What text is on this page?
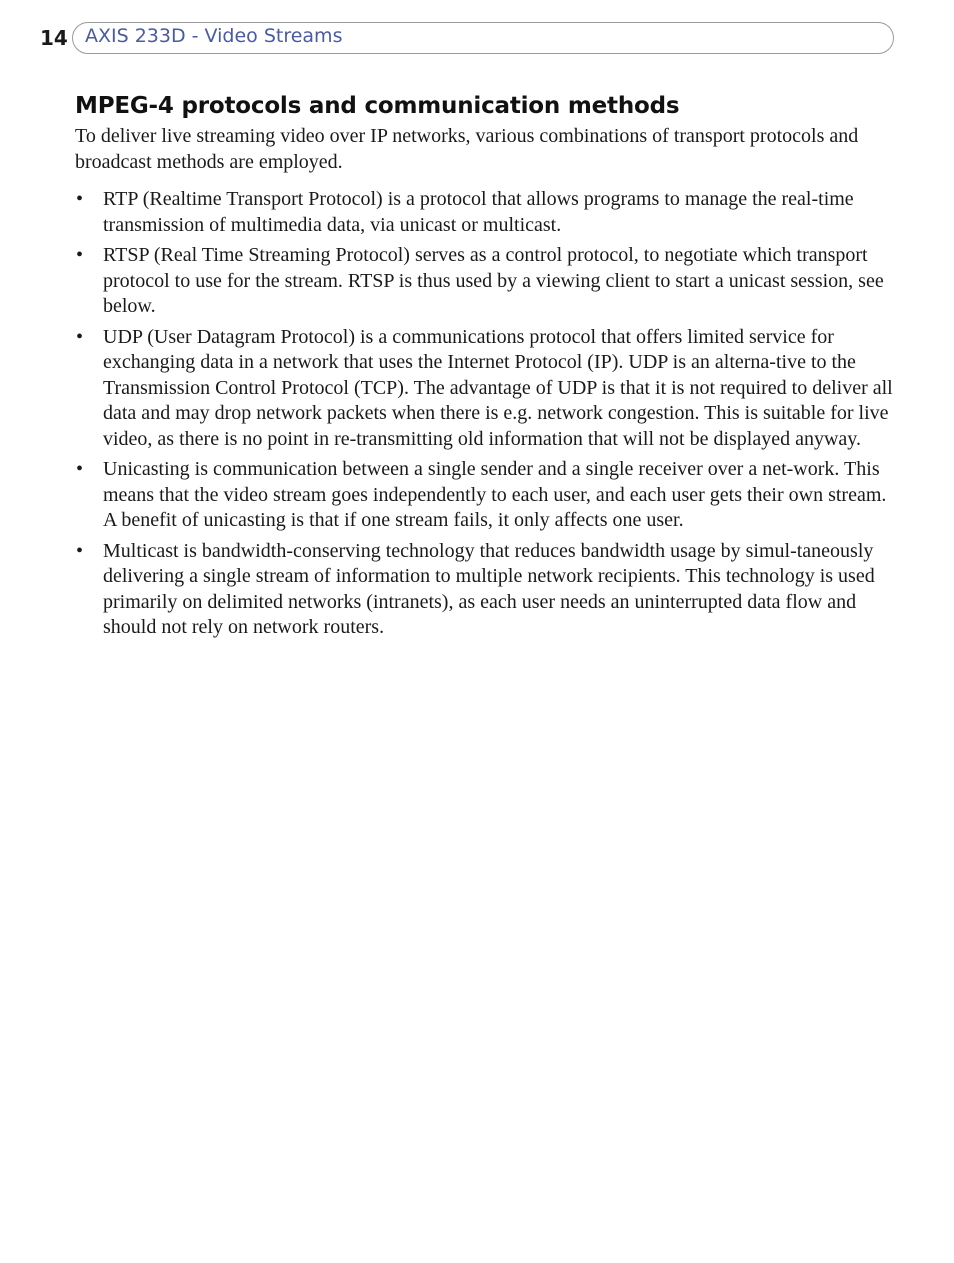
14 AXIS 233D - Video Streams
MPEG-4 protocols and communication methods

To deliver live streaming video over IP networks, various combinations of transport protocols and broadcast methods are employed.

• RTP (Realtime Transport Protocol) is a protocol that allows programs to manage the real-time transmission of multimedia data, via unicast or multicast.
• RTSP (Real Time Streaming Protocol) serves as a control protocol, to negotiate which transport protocol to use for the stream. RTSP is thus used by a viewing client to start a unicast session, see below.
• UDP (User Datagram Protocol) is a communications protocol that offers limited service for exchanging data in a network that uses the Internet Protocol (IP). UDP is an alterna-tive to the Transmission Control Protocol (TCP). The advantage of UDP is that it is not required to deliver all data and may drop network packets when there is e.g. network congestion. This is suitable for live video, as there is no point in re-transmitting old information that will not be displayed anyway.
• Unicasting is communication between a single sender and a single receiver over a net-work. This means that the video stream goes independently to each user, and each user gets their own stream. A benefit of unicasting is that if one stream fails, it only affects one user.
• Multicast is bandwidth-conserving technology that reduces bandwidth usage by simul-taneously delivering a single stream of information to multiple network recipients. This technology is used primarily on delimited networks (intranets), as each user needs an uninterrupted data flow and should not rely on network routers.
